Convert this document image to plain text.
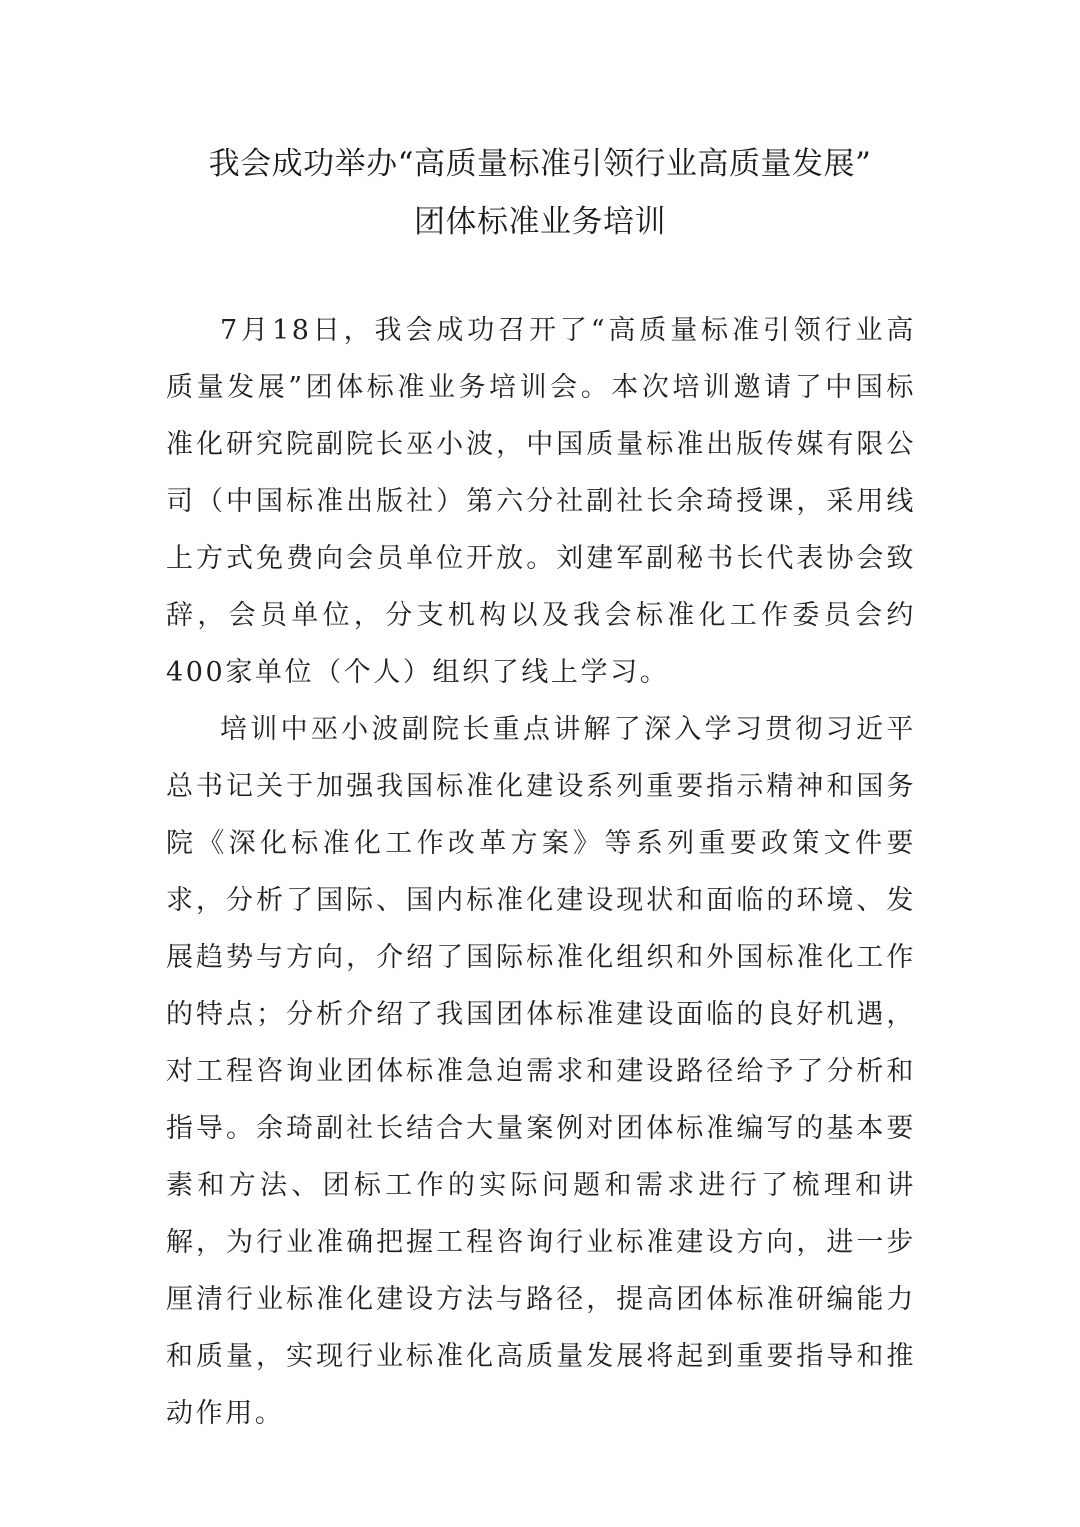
我会成功举办“高质量标准引领行业高质量发展”
团体标准业务培训

7月18日，我会成功召开了“高质量标准引领行业高质量发展”团体标准业务培训会。本次培训邀请了中国标准化研究院副院长巫小波，中国质量标准出版传媒有限公司（中国标准出版社）第六分社副社长余琦授课，采用线上方式免费向会员单位开放。刘建军副秘书长代表协会致辞，会员单位，分支机构以及我会标准化工作委员会约400家单位（个人）组织了线上学习。

培训中巫小波副院长重点讲解了深入学习贯彻习近平总书记关于加强我国标准化建设系列重要指示精神和国务院《深化标准化工作改革方案》等系列重要政策文件要求，分析了国际、国内标准化建设现状和面临的环境、发展趋势与方向，介绍了国际标准化组织和外国标准化工作的特点；分析介绍了我国团体标准建设面临的良好机遇，对工程咨询业团体标准急迫需求和建设路径给予了分析和指导。余琦副社长结合大量案例对团体标准编写的基本要素和方法、团标工作的实际问题和需求进行了梳理和讲解，为行业准确把握工程咨询行业标准建设方向，进一步厘清行业标准化建设方法与路径，提高团体标准研编能力和质量，实现行业标准化高质量发展将起到重要指导和推动作用。
